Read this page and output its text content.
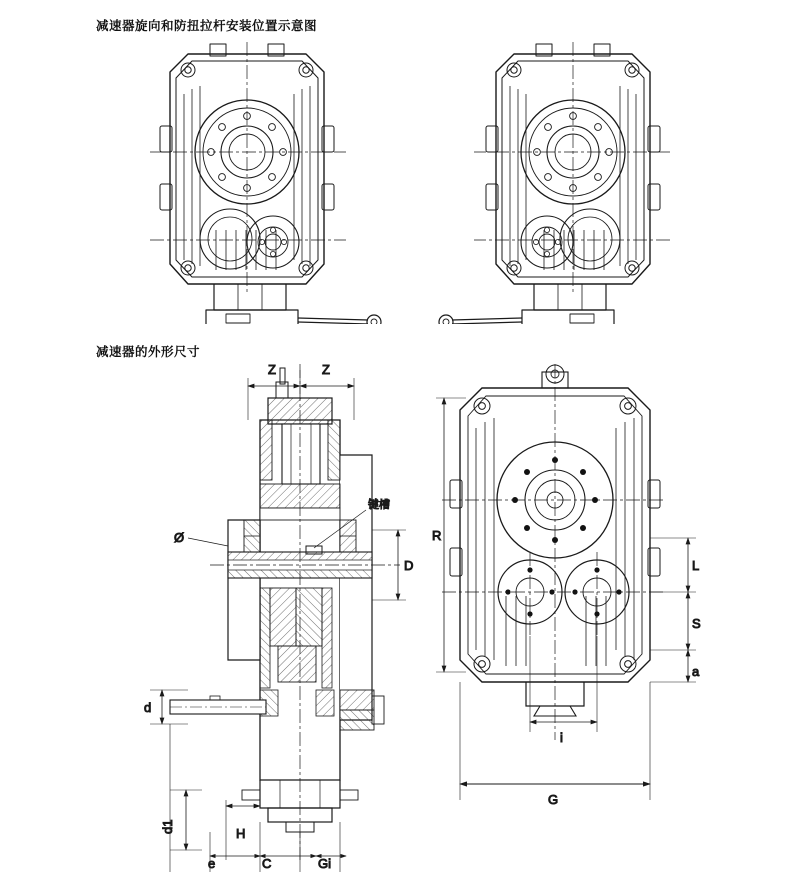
减速器旋向和防扭拉杆安装位置示意图
减速器的外形尺寸
Z	Z
键槽
D
Ø
d
d1	H
e	C	Gi
R
L
S
a
i
G
